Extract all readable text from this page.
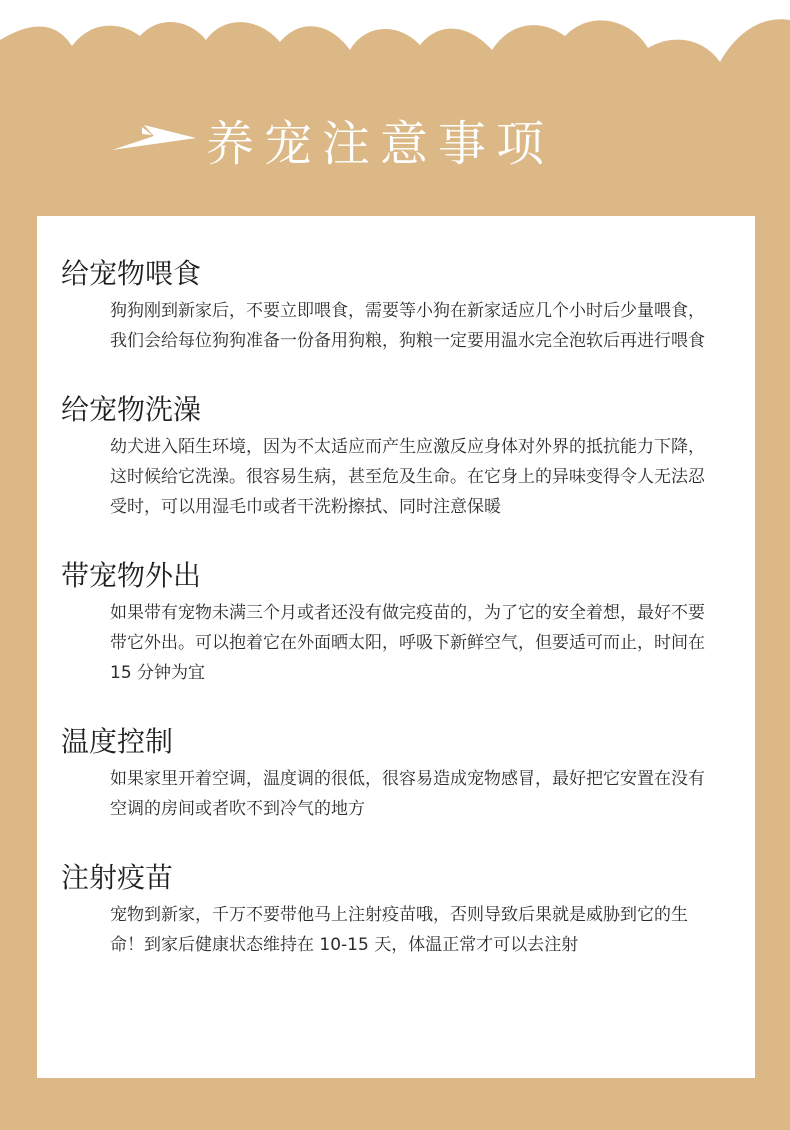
养宠注意事项
给宠物喂食

狗狗刚到新家后，不要立即喂食，需要等小狗在新家适应几个小时后少量喂食，我们会给每位狗狗准备一份备用狗粮，狗粮一定要用温水完全泡软后再进行喂食

给宠物洗澡

幼犬进入陌生环境，因为不太适应而产生应激反应身体对外界的抵抗能力下降，这时候给它洗澡。很容易生病，甚至危及生命。在它身上的异味变得令人无法忍受时，可以用湿毛巾或者干洗粉擦拭、同时注意保暖

带宠物外出

如果带有宠物未满三个月或者还没有做完疫苗的，为了它的安全着想，最好不要带它外出。可以抱着它在外面晒太阳，呼吸下新鲜空气，但要适可而止，时间在 15 分钟为宜

温度控制

如果家里开着空调，温度调的很低，很容易造成宠物感冒，最好把它安置在没有空调的房间或者吹不到冷气的地方

注射疫苗

宠物到新家，千万不要带他马上注射疫苗哦，否则导致后果就是威胁到它的生命！到家后健康状态维持在 10-15 天，体温正常才可以去注射
